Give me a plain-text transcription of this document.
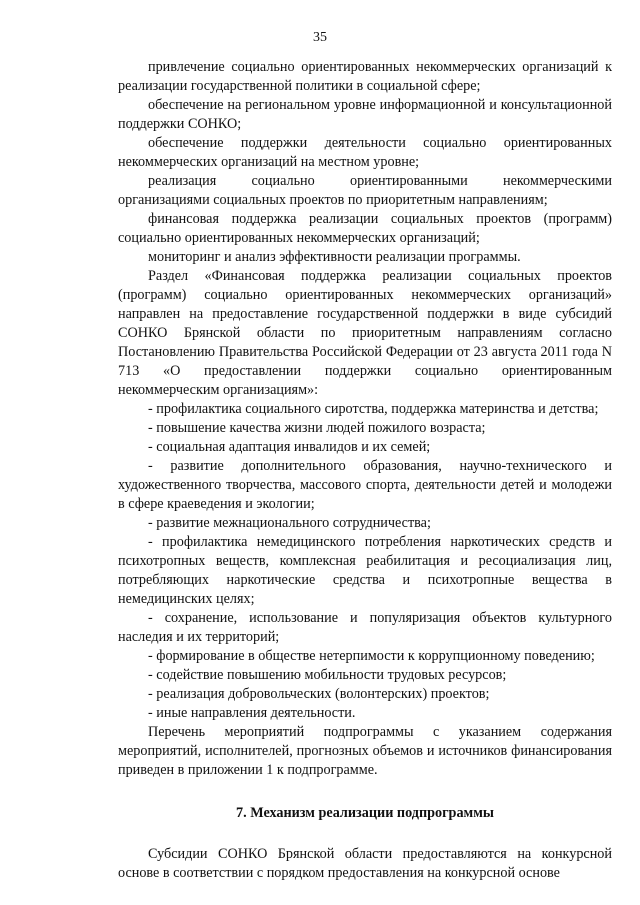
35

привлечение социально ориентированных некоммерческих организаций к реализации государственной политики в социальной сфере;

обеспечение на региональном уровне информационной и консультационной поддержки СОНКО;

обеспечение поддержки деятельности социально ориентированных некоммерческих организаций на местном уровне;

реализация социально ориентированными некоммерческими организациями социальных проектов по приоритетным направлениям;

финансовая поддержка реализации социальных проектов (программ) социально ориентированных некоммерческих организаций;

мониторинг и анализ эффективности реализации программы.

Раздел «Финансовая поддержка реализации социальных проектов (программ) социально ориентированных некоммерческих организаций» направлен на предоставление государственной поддержки в виде субсидий СОНКО Брянской области по приоритетным направлениям согласно Постановлению Правительства Российской Федерации от 23 августа 2011 года N 713 «О предоставлении поддержки социально ориентированным некоммерческим организациям»:

- профилактика социального сиротства, поддержка материнства и детства;

- повышение качества жизни людей пожилого возраста;

- социальная адаптация инвалидов и их семей;

- развитие дополнительного образования, научно-технического и художественного творчества, массового спорта, деятельности детей и молодежи в сфере краеведения и экологии;

- развитие межнационального сотрудничества;

- профилактика немедицинского потребления наркотических средств и психотропных веществ, комплексная реабилитация и ресоциализация лиц, потребляющих наркотические средства и психотропные вещества в немедицинских целях;

- сохранение, использование и популяризация объектов культурного наследия и их территорий;

- формирование в обществе нетерпимости к коррупционному поведению;

- содействие повышению мобильности трудовых ресурсов;

- реализация добровольческих (волонтерских) проектов;

- иные направления деятельности.

Перечень мероприятий подпрограммы с указанием содержания мероприятий, исполнителей, прогнозных объемов и источников финансирования приведен в приложении 1 к подпрограмме.

7. Механизм реализации подпрограммы

Субсидии СОНКО Брянской области предоставляются на конкурсной основе в соответствии с порядком предоставления на конкурсной основе
